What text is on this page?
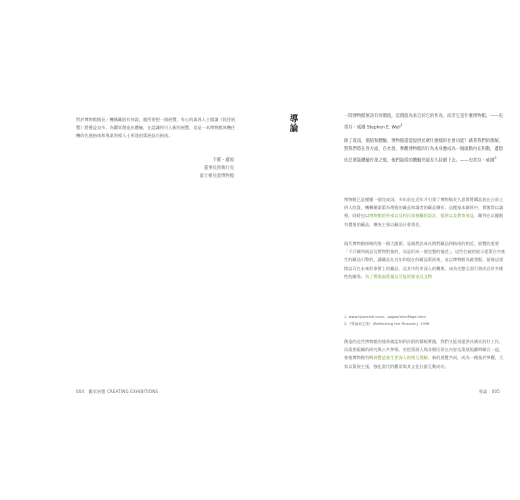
對於博物館館長／機構藏匿有何說，龍所要想一個展覽，有心的業界人士閱讀《叙述展覽》將獲益良多。為觀眾創造出體驗，在認識和引入新的展覽，這是一本博物館界機任機的先進指南和專業領導人士所達的策展技巧指南。

卡羅・盧福
董事長與執行長
波士頓兒童博物館
004 觀眾展覽 CREATING EXHIBITIONS
導論	一間博物館無該有何價值，這價值為來自於它的作為，而非它是什麼博物館。——史蒂芬・威爾 Stephen E. Weil$^1$
除了資訊，價值和體驗，博物館還能提供民眾什麼樣的社會功能？藉著我們的理解，對我們將在各方面，在社群，參觀博物館的行為本身應成為一個啟動內在和動，邊想化民眾能體驗作業之後，他們能將的體驗仍能長久持續下去。——史蒂芬・威爾$^2$

博物館已是種種一個完成詞，多年前在近年才引發了博物館長久思實將購品放在台前上供人欣賞，轉轉藥業策為增進的藏品和讀者的藏品樂作。這種基本關係中，實態得以讀相，同時也以博物館的外部以及和民眾接觸的設計，提供以及教育效益，陳列在以優點有價值的藏品，擴充主張以藏品社會責任。

現代博物館採納的第一個大膽節，是偶然設成長期對藏品和指南的相近，展覽的重要「不只陳列展品及實物對象的，而是形成一個完整的描述」，這些打破的展示從策在中產生的藏品引擎的，讓藏品在近年和現在的藏品策展來，並以博物館為啟發點，最後這項標誌可在未來的事實上的藏品，這其中的更深入的轉換，成為完整全面引發成自於多樣性的關係。為了實現高質量及可能的要求及文物

1. www.lyberneti.com/...pages/slicePage.html
2.《導論和主張》(Rethinking the Museum), 1998

創造的這些博物館的使命被認知到社群的積極實踐，我們又能再提供具備社的好工作，而需要組織的研究與公共參與。若把策展人與各類民眾在內容及策展規劃時聯合一起，會使博物館有時展覽是產生更深入的相互理解，新的展覽共同，成為一種基於參觀，大家以策展主張，強化當代的觀眾與其文化社群互動成功。

導論 005
